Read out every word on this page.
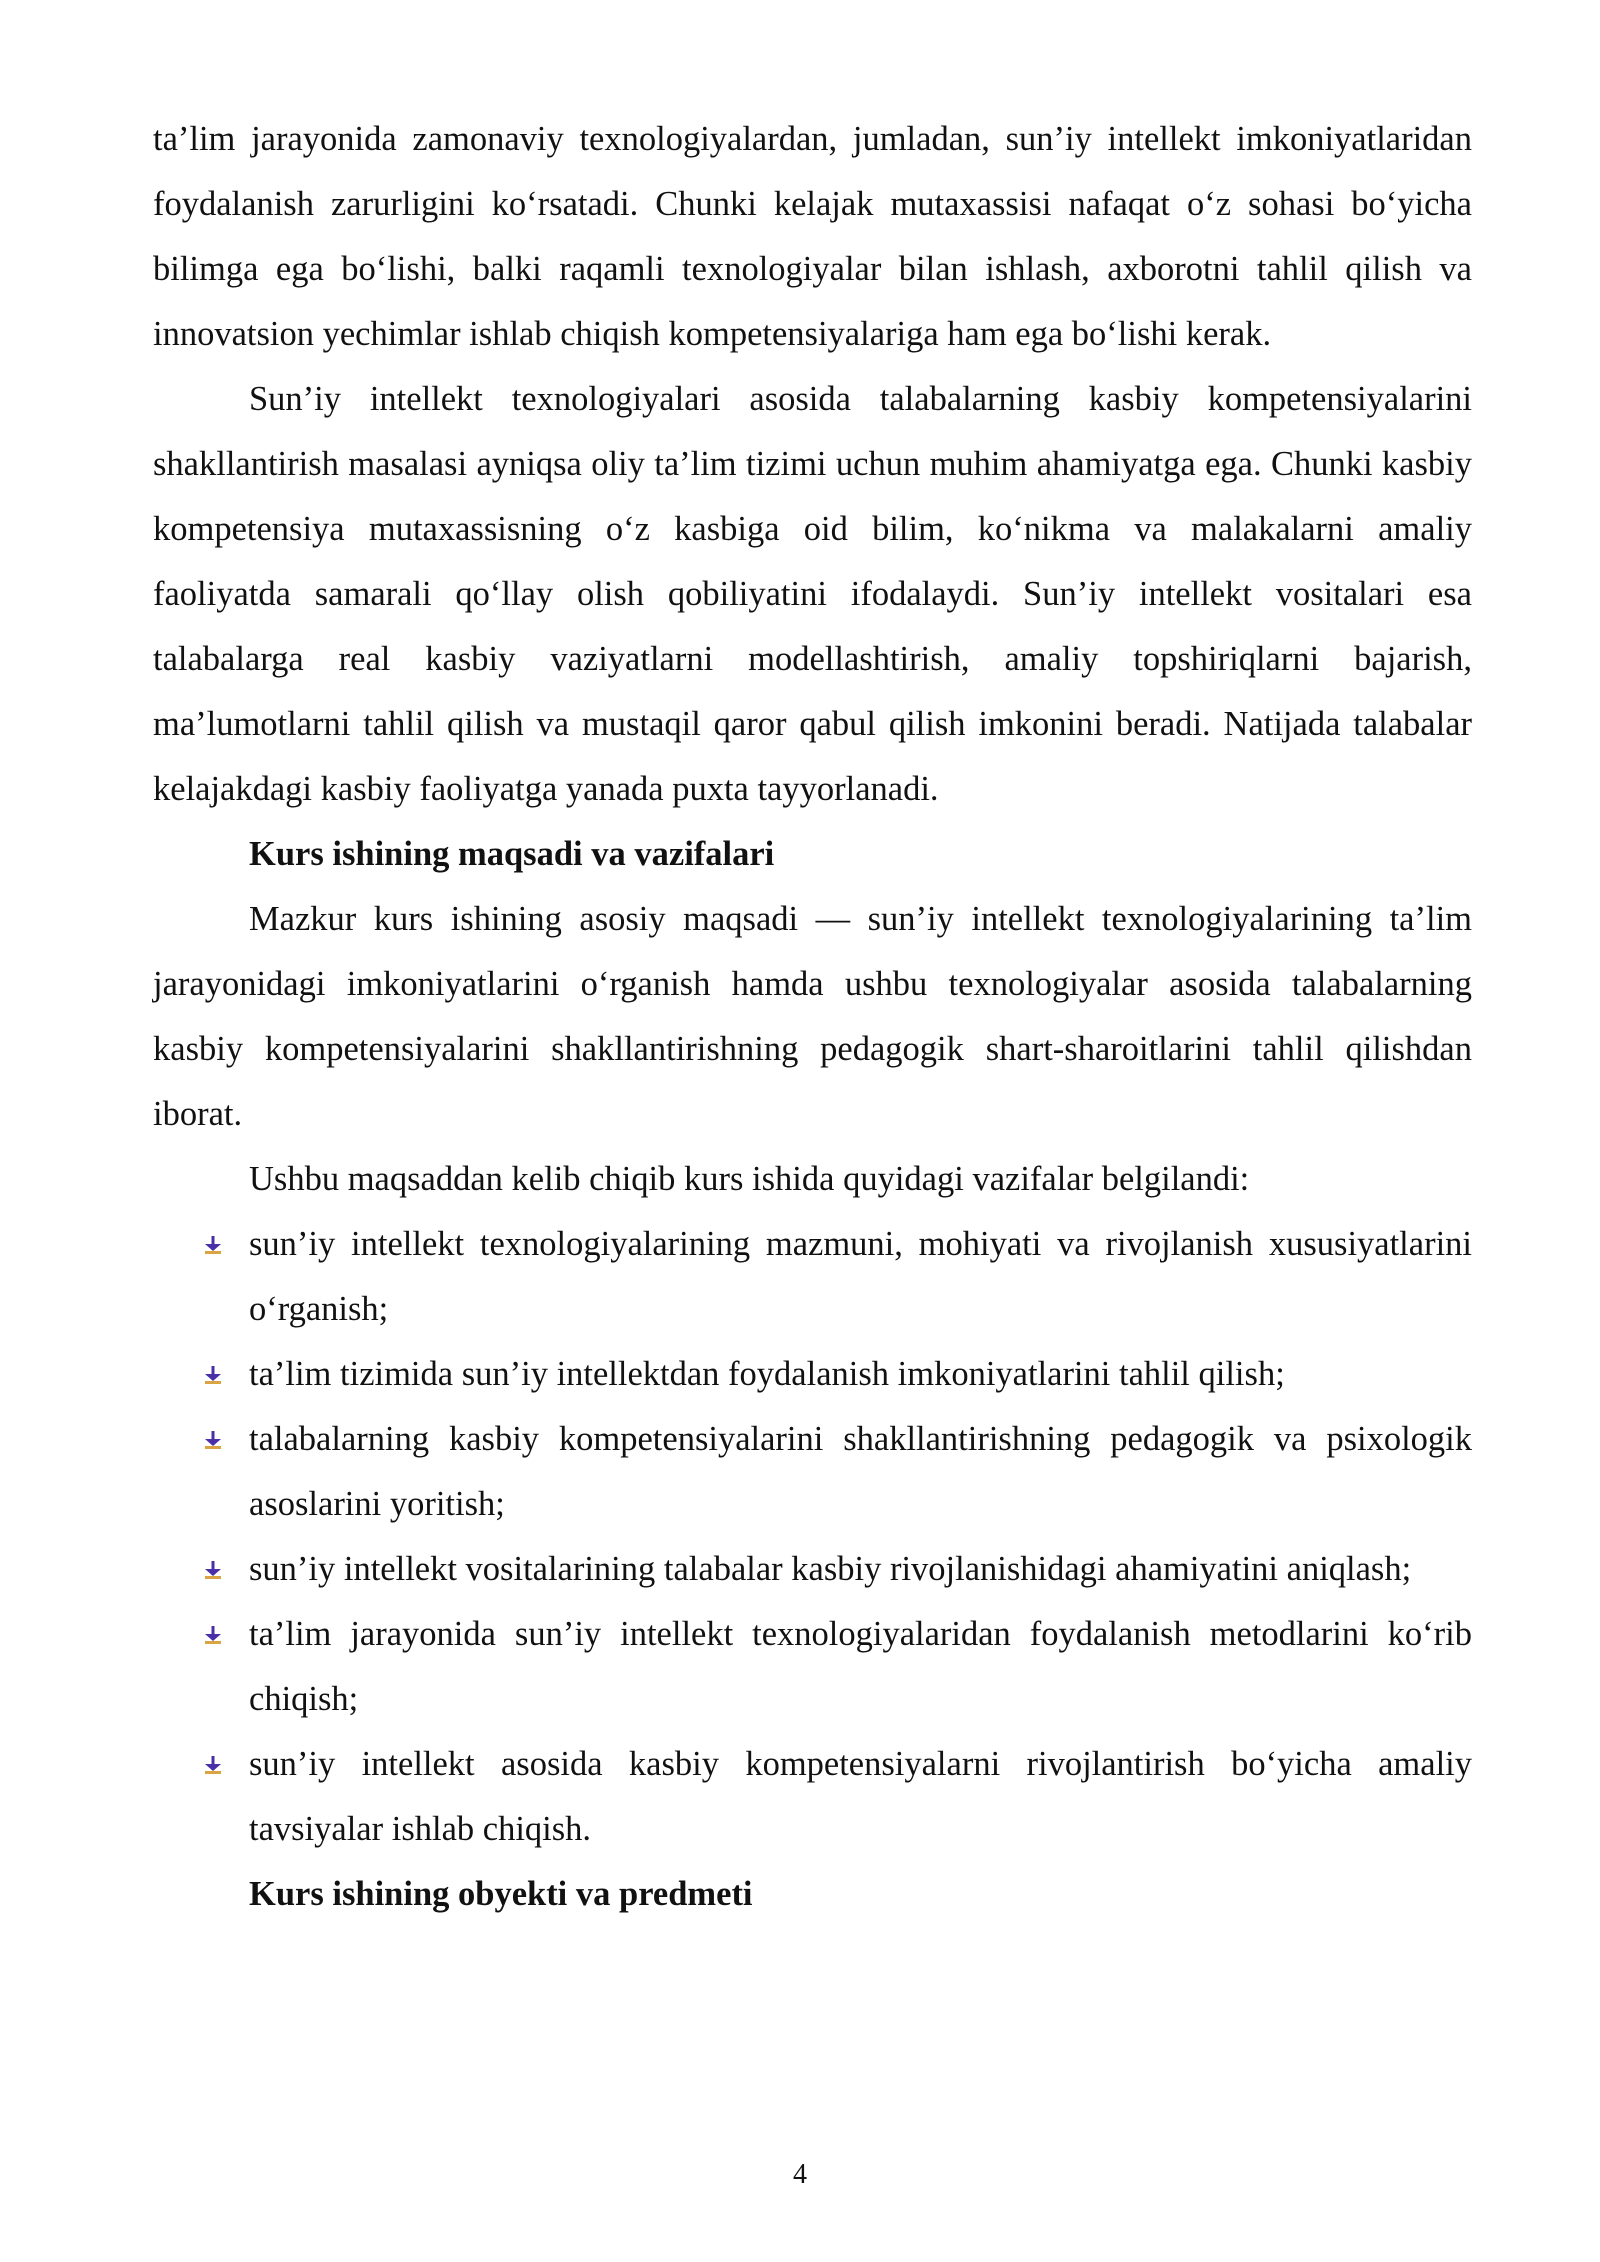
ta’lim jarayonida zamonaviy texnologiyalardan, jumladan, sun’iy intellekt imkoniyatlaridan foydalanish zarurligini ko‘rsatadi. Chunki kelajak mutaxassisi nafaqat o‘z sohasi bo‘yicha bilimga ega bo‘lishi, balki raqamli texnologiyalar bilan ishlash, axborotni tahlil qilish va innovatsion yechimlar ishlab chiqish kompetensiyalariga ham ega bo‘lishi kerak.

Sun’iy intellekt texnologiyalari asosida talabalarning kasbiy kompetensiyalarini shakllantirish masalasi ayniqsa oliy ta’lim tizimi uchun muhim ahamiyatga ega. Chunki kasbiy kompetensiya mutaxassisning o‘z kasbiga oid bilim, ko‘nikma va malakalarni amaliy faoliyatda samarali qo‘llay olish qobiliyatini ifodalaydi. Sun’iy intellekt vositalari esa talabalarga real kasbiy vaziyatlarni modellashtirish, amaliy topshiriqlarni bajarish, ma’lumotlarni tahlil qilish va mustaqil qaror qabul qilish imkonini beradi. Natijada talabalar kelajakdagi kasbiy faoliyatga yanada puxta tayyorlanadi.

Kurs ishining maqsadi va vazifalari

Mazkur kurs ishining asosiy maqsadi — sun’iy intellekt texnologiyalarining ta’lim jarayonidagi imkoniyatlarini o‘rganish hamda ushbu texnologiyalar asosida talabalarning kasbiy kompetensiyalarini shakllantirishning pedagogik shart-sharoitlarini tahlil qilishdan iborat.

Ushbu maqsaddan kelib chiqib kurs ishida quyidagi vazifalar belgilandi:

sun’iy intellekt texnologiyalarining mazmuni, mohiyati va rivojlanish xususiyatlarini o‘rganish;
ta’lim tizimida sun’iy intellektdan foydalanish imkoniyatlarini tahlil qilish;
talabalarning kasbiy kompetensiyalarini shakllantirishning pedagogik va psixologik asoslarini yoritish;
sun’iy intellekt vositalarining talabalar kasbiy rivojlanishidagi ahamiyatini aniqlash;
ta’lim jarayonida sun’iy intellekt texnologiyalaridan foydalanish metodlarini ko‘rib chiqish;
sun’iy intellekt asosida kasbiy kompetensiyalarni rivojlantirish bo‘yicha amaliy tavsiyalar ishlab chiqish.

Kurs ishining obyekti va predmeti

4
